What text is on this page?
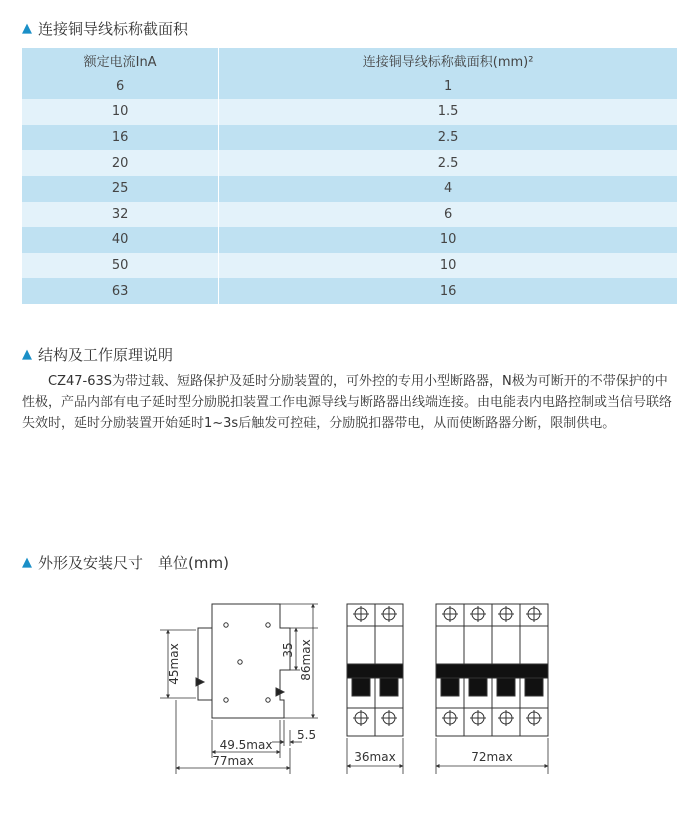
▲ 连接铜导线标称截面积
额定电流InA	连接铜导线标称截面积(mm)²
6	1
10	1.5
16	2.5
20	2.5
25	4
32	6
40	10
50	10
63	16
▲ 结构及工作原理说明

CZ47-63S为带过载、短路保护及延时分励装置的，可外控的专用小型断路器，N极为可断开的不带保护的中性极，产品内部有电子延时型分励脱扣装置工作电源导线与断路器出线端连接。由电能表内电路控制或当信号联络失效时，延时分励装置开始延时1~3s后触发可控硅，分励脱扣器带电，从而使断路器分断，限制供电。

▲ 外形及安装尺寸　单位(mm)
45max	35 86max
5.5
49.5max
77max	36max	72max
